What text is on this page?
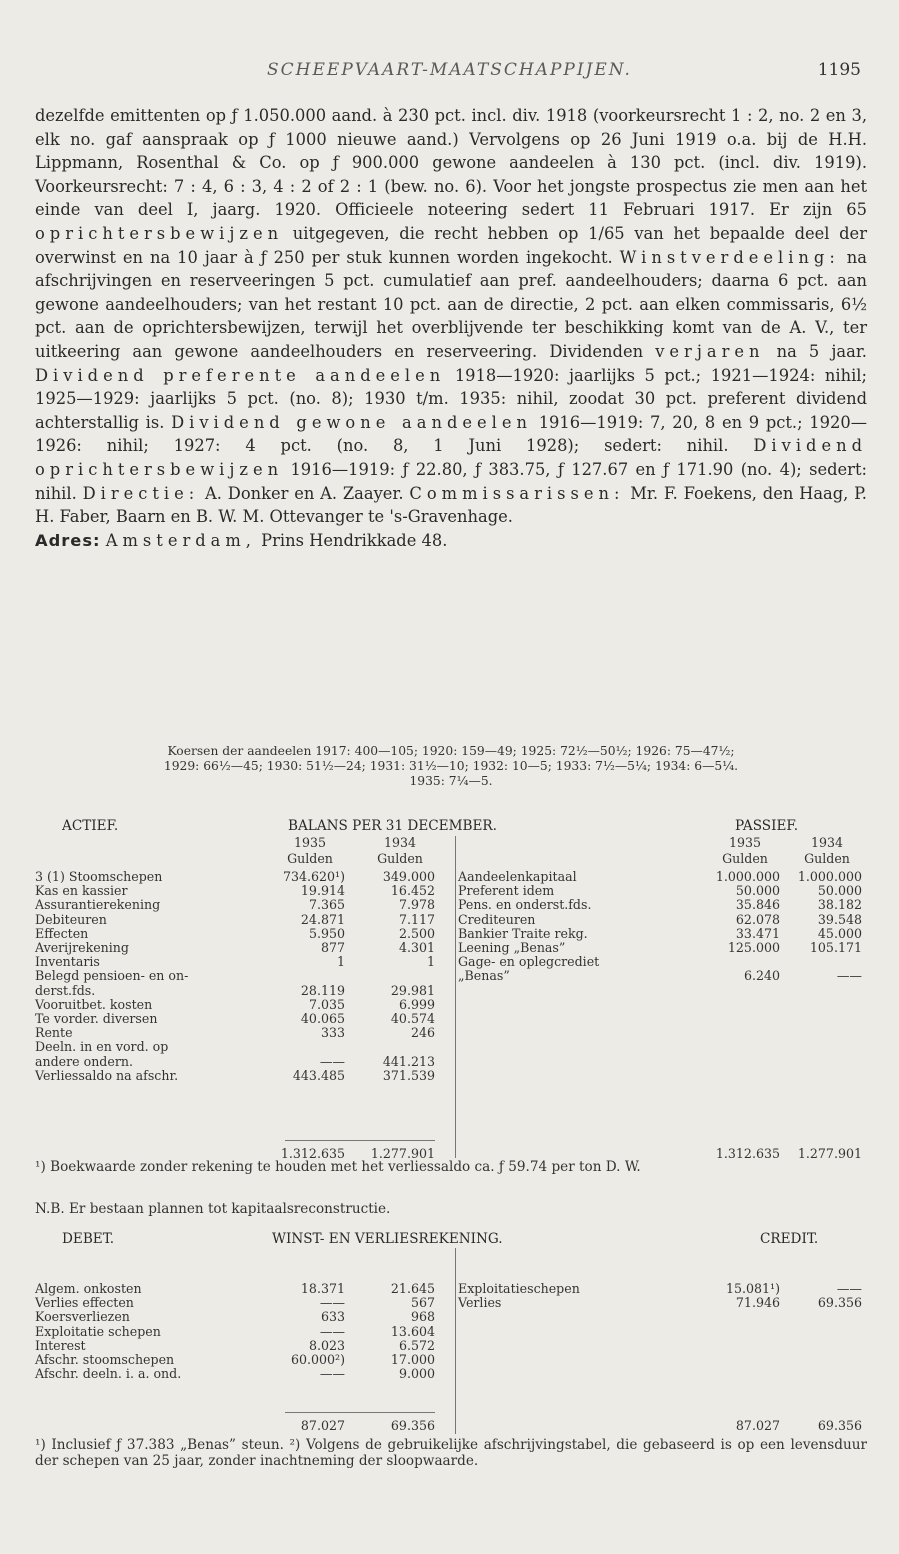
SCHEEPVAART-MAATSCHAPPIJEN.	1195
dezelfde emittenten op ƒ 1.050.000 aand. à 230 pct. incl. div. 1918 (voorkeursrecht 1 : 2, no. 2 en 3, elk no. gaf aanspraak op ƒ 1000 nieuwe aand.) Vervolgens op 26 Juni 1919 o.a. bij de H.H. Lippmann, Rosenthal & Co. op ƒ 900.000 gewone aandeelen à 130 pct. (incl. div. 1919). Voorkeursrecht: 7 : 4, 6 : 3, 4 : 2 of 2 : 1 (bew. no. 6). Voor het jongste prospectus zie men aan het einde van deel I, jaarg. 1920. Officieele noteering sedert 11 Februari 1917. Er zijn 65 oprichtersbewijzen uitgegeven, die recht hebben op 1/65 van het bepaalde deel der overwinst en na 10 jaar à ƒ 250 per stuk kunnen worden ingekocht. Winstverdeeling: na afschrijvingen en reserveeringen 5 pct. cumulatief aan pref. aandeelhouders; daarna 6 pct. aan gewone aandeelhouders; van het restant 10 pct. aan de directie, 2 pct. aan elken commissaris, 6½ pct. aan de oprichtersbewijzen, terwijl het overblijvende ter beschikking komt van de A. V., ter uitkeering aan gewone aandeelhouders en reserveering. Dividenden verjaren na 5 jaar. Dividend preferente aandeelen 1918—1920: jaarlijks 5 pct.; 1921—1924: nihil; 1925—1929: jaarlijks 5 pct. (no. 8); 1930 t/m. 1935: nihil, zoodat 30 pct. preferent dividend achterstallig is. Dividend gewone aandeelen 1916—1919: 7, 20, 8 en 9 pct.; 1920—1926: nihil; 1927: 4 pct. (no. 8, 1 Juni 1928); sedert: nihil. Dividend oprichtersbewijzen 1916—1919: ƒ 22.80, ƒ 383.75, ƒ 127.67 en ƒ 171.90 (no. 4); sedert: nihil. Directie: A. Donker en A. Zaayer. Commissarissen: Mr. F. Foekens, den Haag, P. H. Faber, Baarn en B. W. M. Ottevanger te 's-Gravenhage.
Adres: Amsterdam, Prins Hendrikkade 48.
Koersen der aandeelen 1917: 400—105; 1920: 159—49; 1925: 72½—50½; 1926: 75—47½;
1929: 66½—45; 1930: 51½—24; 1931: 31½—10; 1932: 10—5; 1933: 7½—5¼; 1934: 6—5¼.
1935: 7¼—5.
ACTIEF.	BALANS PER 31 DECEMBER.	PASSIEF.
1935	1934
Gulden	Gulden
3 (1) Stoomschepen	734.620¹)	349.000
Kas en kassier	19.914	16.452
Assurantierekening	7.365	7.978
Debiteuren	24.871	7.117
Effecten	5.950	2.500
Averijrekening	877	4.301
Inventaris	1	1
Belegd pensioen- en on-
derst.fds.	28.119	29.981
Vooruitbet. kosten	7.035	6.999
Te vorder. diversen	40.065	40.574
Rente	333	246
Deeln. in en vord. op
andere ondern.	——	441.213
Verliessaldo na afschr.	443.485	371.539
1.312.635	1.277.901
1935	1934
Gulden	Gulden
Aandeelenkapitaal	1.000.000	1.000.000
Preferent idem	50.000	50.000
Pens. en onderst.fds.	35.846	38.182
Crediteuren	62.078	39.548
Bankier Traite rekg.	33.471	45.000
Leening „Benas”	125.000	105.171
Gage- en oplegcrediet
„Benas”	6.240	——
1.312.635	1.277.901
¹) Boekwaarde zonder rekening te houden met het verliessaldo ca. ƒ 59.74 per ton D. W.
N.B. Er bestaan plannen tot kapitaalsreconstructie.
DEBET.	WINST- EN VERLIESREKENING.	CREDIT.
Algem. onkosten	18.371	21.645
Verlies effecten	——	567
Koersverliezen	633	968
Exploitatie schepen	——	13.604
Interest	8.023	6.572
Afschr. stoomschepen	60.000²)	17.000
Afschr. deeln. i. a. ond.	——	9.000
87.027	69.356
Exploitatieschepen	15.081¹)	——
Verlies	71.946	69.356
87.027	69.356
¹) Inclusief ƒ 37.383 „Benas” steun. ²) Volgens de gebruikelijke afschrijvingstabel, die gebaseerd is op een levensduur der schepen van 25 jaar, zonder inachtneming der sloopwaarde.
